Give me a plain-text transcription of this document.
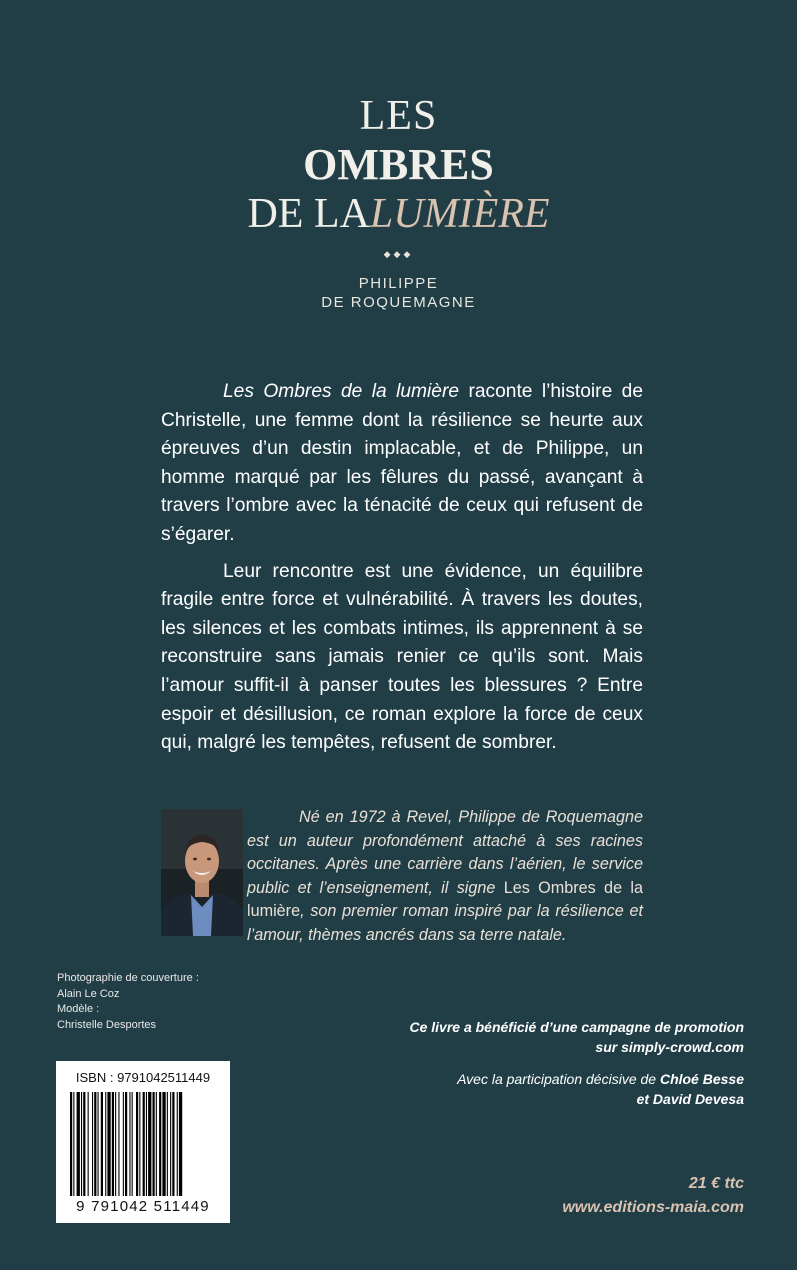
LES
OMBRES
DE LALUMIÈRE
◆◆◆
PHILIPPE
DE ROQUEMAGNE

Les Ombres de la lumière raconte l’histoire de Christelle, une femme dont la résilience se heurte aux épreuves d’un destin implacable, et de Philippe, un homme marqué par les fêlures du passé, avançant à travers l’ombre avec la ténacité de ceux qui refusent de s’égarer.

Leur rencontre est une évidence, un équilibre fragile entre force et vulnérabilité. À travers les doutes, les silences et les combats intimes, ils apprennent à se reconstruire sans jamais renier ce qu’ils sont. Mais l’amour suffit-il à panser toutes les blessures ? Entre espoir et désillusion, ce roman explore la force de ceux qui, malgré les tempêtes, refusent de sombrer.

Né en 1972 à Revel, Philippe de Roquemagne est un auteur profondément attaché à ses racines occitanes. Après une carrière dans l’aérien, le service public et l’enseignement, il signe Les Ombres de la lumière, son premier roman inspiré par la résilience et l’amour, thèmes ancrés dans sa terre natale.
Photographie de couverture :
Alain Le Coz
Modèle :
Christelle Desportes	Ce livre a bénéficié d’une campagne de promotion
sur simply-crowd.com
Avec la participation décisive de Chloé Besse
et David Devesa
21 € ttc
www.editions-maia.com
ISBN : 9791042511449
9 791042 511449
